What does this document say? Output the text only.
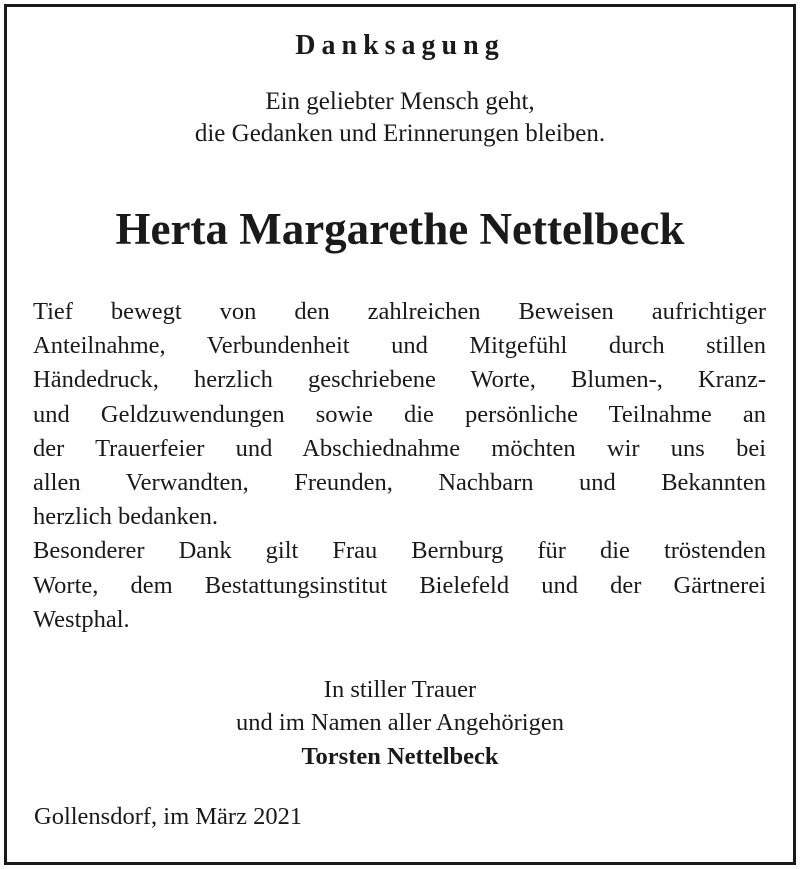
Danksagung
Ein geliebter Mensch geht,
die Gedanken und Erinnerungen bleiben.
Herta Margarethe Nettelbeck
Tief bewegt von den zahlreichen Beweisen aufrichtiger
Anteilnahme, Verbundenheit und Mitgefühl durch stillen
Händedruck, herzlich geschriebene Worte, Blumen-, Kranz-
und Geldzuwendungen sowie die persönliche Teilnahme an
der Trauerfeier und Abschiednahme möchten wir uns bei
allen Verwandten, Freunden, Nachbarn und Bekannten
herzlich bedanken.
Besonderer Dank gilt Frau Bernburg für die tröstenden
Worte, dem Bestattungsinstitut Bielefeld und der Gärtnerei
Westphal.
In stiller Trauer
und im Namen aller Angehörigen
Torsten Nettelbeck
Gollensdorf, im März 2021
